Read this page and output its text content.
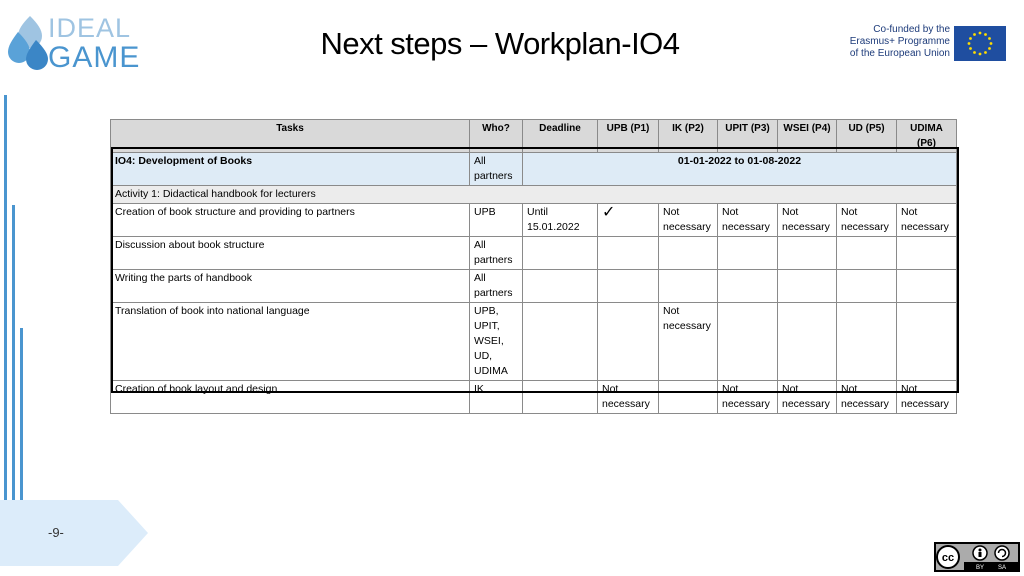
IDEAL
GAME	Next steps – Workplan-IO4	Co-funded by the
Erasmus+ Programme
of the European Union
-9-
Tasks	Who?	Deadline	UPB (P1)	IK (P2)	UPIT (P3)	WSEI (P4)	UD (P5)	UDIMA (P6)
IO4: Development of Books	All partners	01-01-2022 to 01-08-2022						
Activity 1: Didactical handbook for lecturers								
Creation of book structure and providing to partners	UPB	Until 15.01.2022	✓	Not necessary	Not necessary	Not necessary	Not necessary	Not necessary
Discussion about book structure	All partners							
Writing the parts of handbook	All partners							
Translation of book into national language	UPB, UPIT, WSEI, UD, UDIMA			Not necessary				
Creation of book layout and design	IK		Not necessary		Not necessary	Not necessary	Not necessary	Not necessary
cc
BY SA
